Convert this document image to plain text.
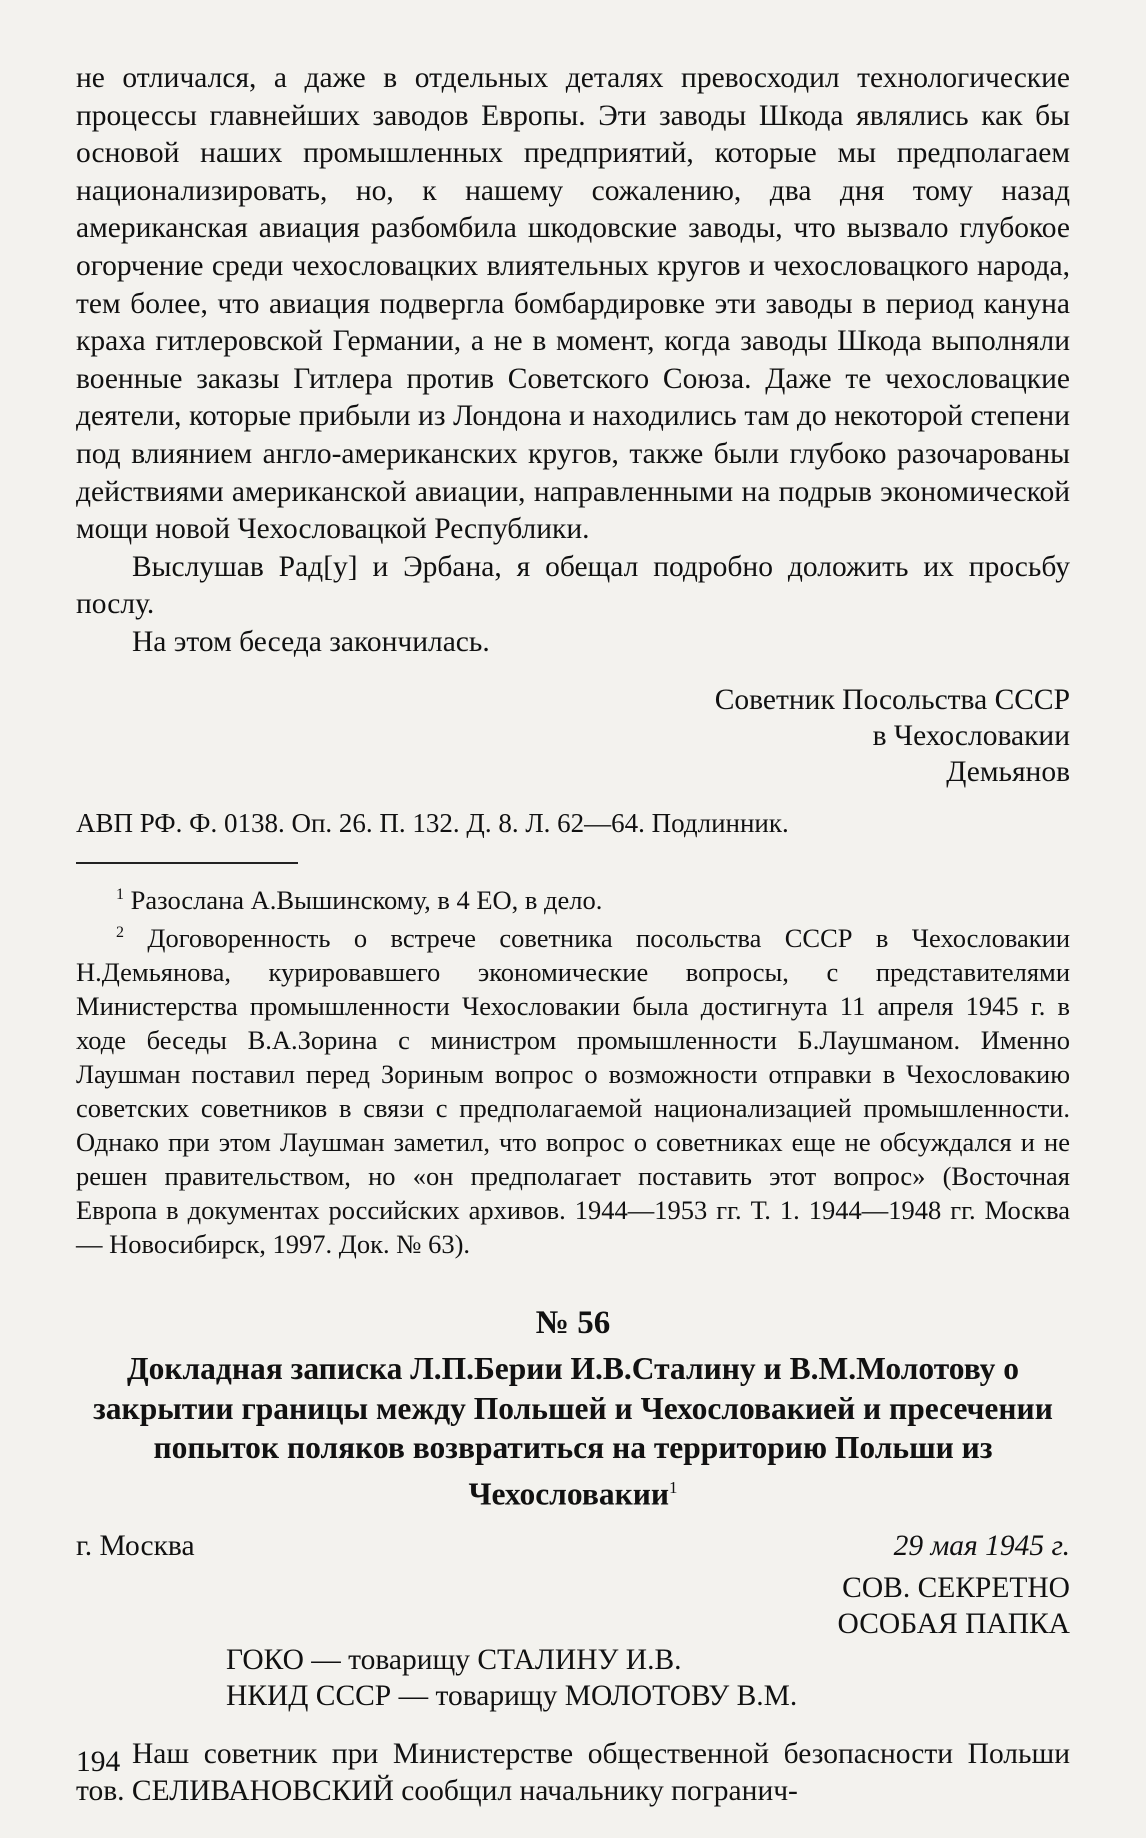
не отличался, а даже в отдельных деталях превосходил технологические процессы главнейших заводов Европы. Эти заводы Шкода являлись как бы основой наших промышленных предприятий, которые мы предполагаем национализировать, но, к нашему сожалению, два дня тому назад американская авиация разбомбила шкодовские заводы, что вызвало глубокое огорчение среди чехословацких влиятельных кругов и чехословацкого народа, тем более, что авиация подвергла бомбардировке эти заводы в период кануна краха гитлеровской Германии, а не в момент, когда заводы Шкода выполняли военные заказы Гитлера против Советского Союза. Даже те чехословацкие деятели, которые прибыли из Лондона и находились там до некоторой степени под влиянием англо-американских кругов, также были глубоко разочарованы действиями американской авиации, направленными на подрыв экономической мощи новой Чехословацкой Республики.

Выслушав Рад[у] и Эрбана, я обещал подробно доложить их просьбу послу.

На этом беседа закончилась.

Советник Посольства СССР

в Чехословакии

Демьянов

АВП РФ. Ф. 0138. Оп. 26. П. 132. Д. 8. Л. 62—64. Подлинник.

$^1$ Разослана А.Вышинскому, в 4 ЕО, в дело.

$^2$ Договоренность о встрече советника посольства СССР в Чехословакии Н.Демьянова, курировавшего экономические вопросы, с представителями Министерства промышленности Чехословакии была достигнута 11 апреля 1945 г. в ходе беседы В.А.Зорина с министром промышленности Б.Лаушманом. Именно Лаушман поставил перед Зориным вопрос о возможности отправки в Чехословакию советских советников в связи с предполагаемой национализацией промышленности. Однако при этом Лаушман заметил, что вопрос о советниках еще не обсуждался и не решен правительством, но «он предполагает поставить этот вопрос» (Восточная Европа в документах российских архивов. 1944—1953 гг. Т. 1. 1944—1948 гг. Москва — Новосибирск, 1997. Док. № 63).

№ 56

Докладная записка Л.П.Берии И.В.Сталину и В.М.Молотову о закрытии границы между Польшей и Чехословакией и пресечении попыток поляков возвратиться на территорию Польши из Чехословакии$^1$

г. Москва	29 мая 1945 г.

СОВ. СЕКРЕТНО

ОСОБАЯ ПАПКА

ГОКО — товарищу СТАЛИНУ И.В.

НКИД СССР — товарищу МОЛОТОВУ В.М.

Наш советник при Министерстве общественной безопасности Польши тов. СЕЛИВАНОВСКИЙ сообщил начальнику погранич-

194
